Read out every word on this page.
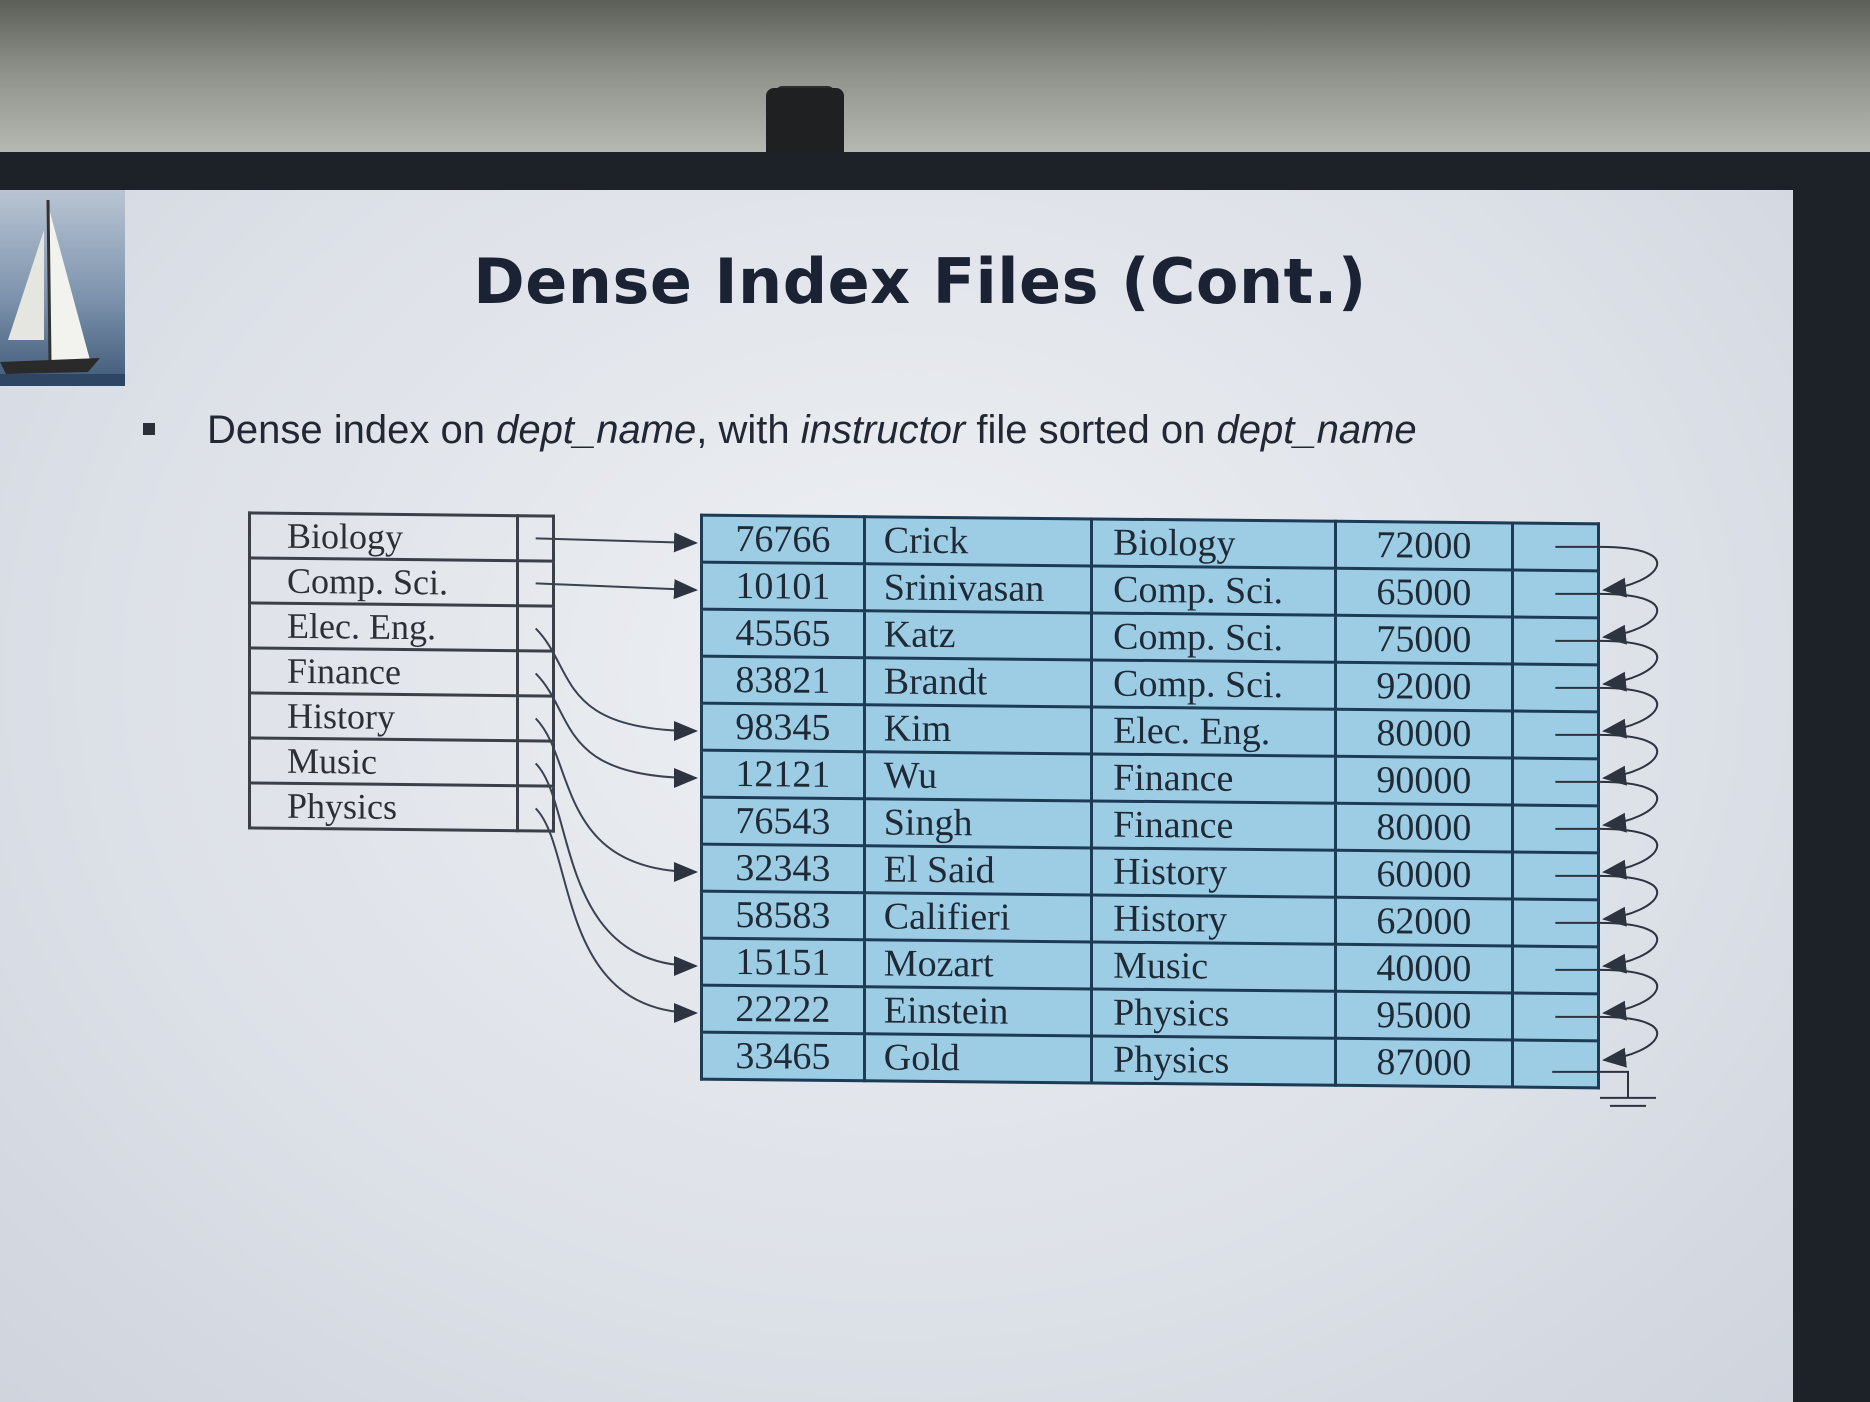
Dense Index Files (Cont.)
Dense index on dept_name, with instructor file sorted on dept_name
Biology	
Comp. Sci.	
Elec. Eng.	
Finance	
History	
Music	
Physics	
76766	Crick	Biology	72000	
10101	Srinivasan	Comp. Sci.	65000	
45565	Katz	Comp. Sci.	75000	
83821	Brandt	Comp. Sci.	92000	
98345	Kim	Elec. Eng.	80000	
12121	Wu	Finance	90000	
76543	Singh	Finance	80000	
32343	El Said	History	60000	
58583	Califieri	History	62000	
15151	Mozart	Music	40000	
22222	Einstein	Physics	95000	
33465	Gold	Physics	87000	
